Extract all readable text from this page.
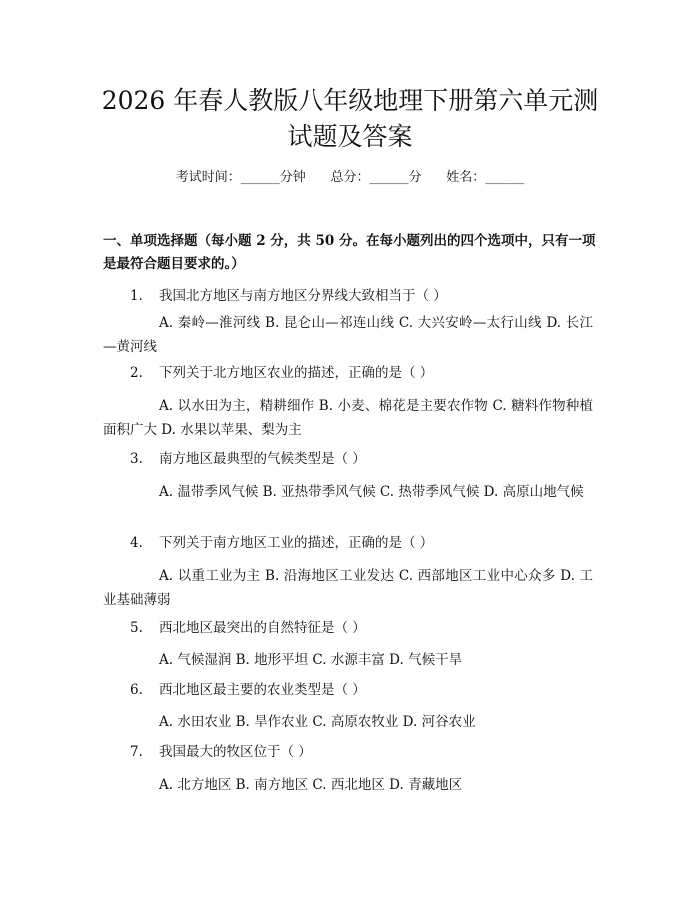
2026 年春人教版八年级地理下册第六单元测
试题及答案
考试时间：______分钟      总分：______分      姓名：______

一、单项选择题（每小题 2 分，共 50 分。在每小题列出的四个选项中，只有一项是最符合题目要求的。）

1. 我国北方地区与南方地区分界线大致相当于（ ）
A. 秦岭—淮河线 B. 昆仑山—祁连山线 C. 大兴安岭—太行山线 D. 长江—黄河线
2. 下列关于北方地区农业的描述，正确的是（ ）
A. 以水田为主，精耕细作 B. 小麦、棉花是主要农作物 C. 糖料作物种植面积广大 D. 水果以苹果、梨为主
3. 南方地区最典型的气候类型是（ ）
A. 温带季风气候 B. 亚热带季风气候 C. 热带季风气候 D. 高原山地气候
4. 下列关于南方地区工业的描述，正确的是（ ）
A. 以重工业为主 B. 沿海地区工业发达 C. 西部地区工业中心众多 D. 工业基础薄弱
5. 西北地区最突出的自然特征是（ ）
A. 气候湿润 B. 地形平坦 C. 水源丰富 D. 气候干旱
6. 西北地区最主要的农业类型是（ ）
A. 水田农业 B. 旱作农业 C. 高原农牧业 D. 河谷农业
7. 我国最大的牧区位于（ ）
A. 北方地区 B. 南方地区 C. 西北地区 D. 青藏地区
